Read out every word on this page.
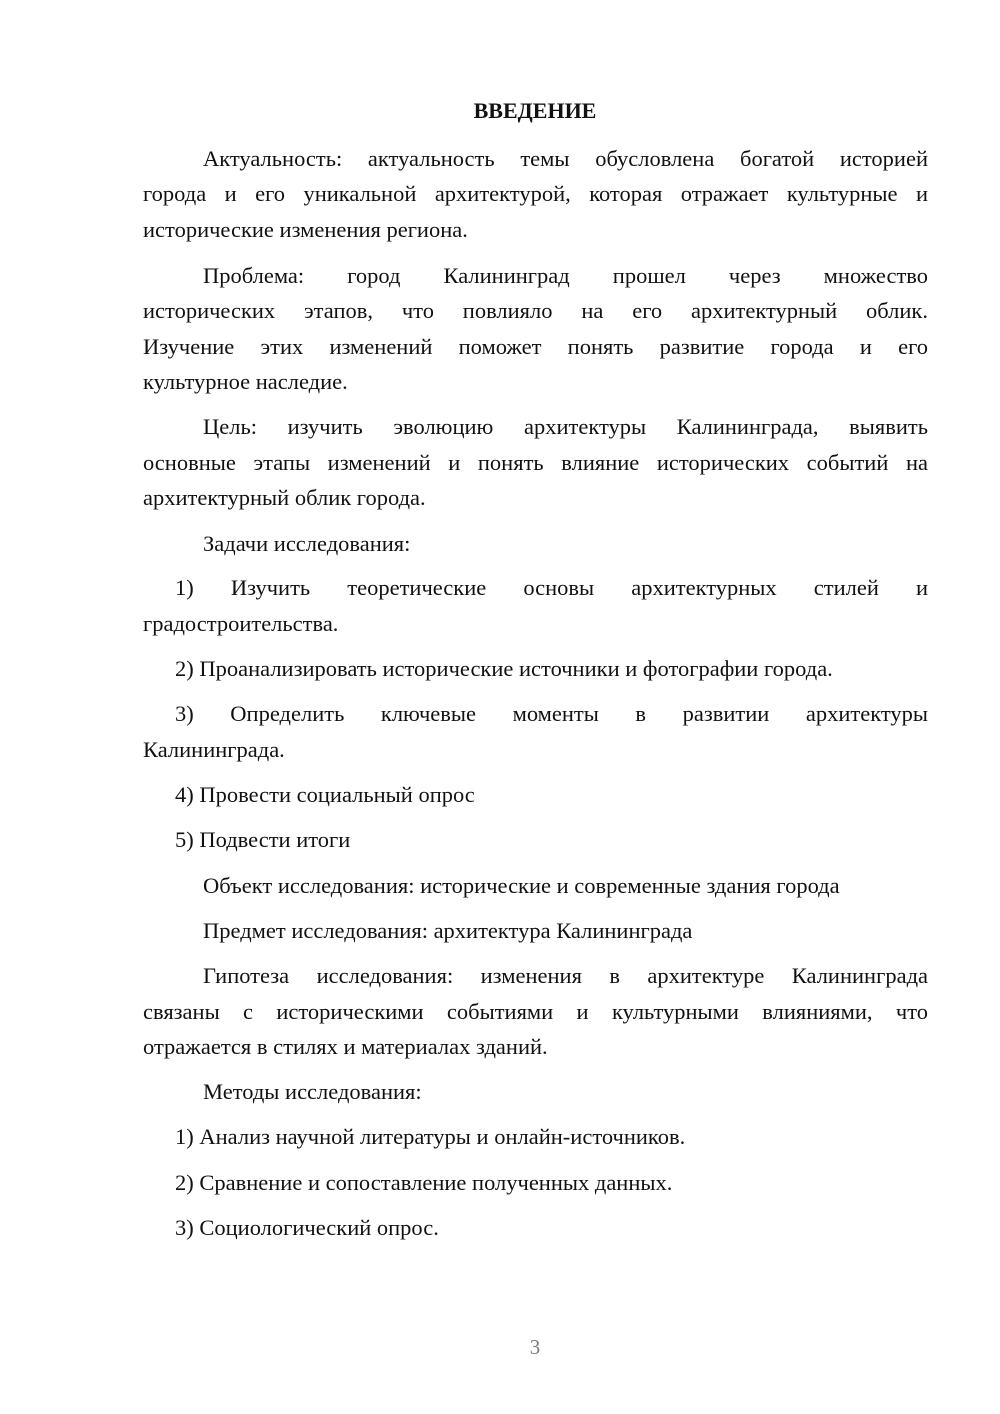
ВВЕДЕНИЕ
Актуальность: актуальность темы обусловлена богатой историей
города и его уникальной архитектурой, которая отражает культурные и
исторические изменения региона.
Проблема: город Калининград прошел через множество
исторических этапов, что повлияло на его архитектурный облик.
Изучение этих изменений поможет понять развитие города и его
культурное наследие.
Цель: изучить эволюцию архитектуры Калининграда, выявить
основные этапы изменений и понять влияние исторических событий на
архитектурный облик города.
Задачи исследования:
1) Изучить теоретические основы архитектурных стилей и
градостроительства.
2) Проанализировать исторические источники и фотографии города.
3) Определить ключевые моменты в развитии архитектуры
Калининграда.
4) Провести социальный опрос
5) Подвести итоги
Объект исследования: исторические и современные здания города
Предмет исследования: архитектура Калининграда
Гипотеза исследования: изменения в архитектуре Калининграда
связаны с историческими событиями и культурными влияниями, что
отражается в стилях и материалах зданий.
Методы исследования:
1) Анализ научной литературы и онлайн-источников.
2) Сравнение и сопоставление полученных данных.
3) Социологический опрос.
3
